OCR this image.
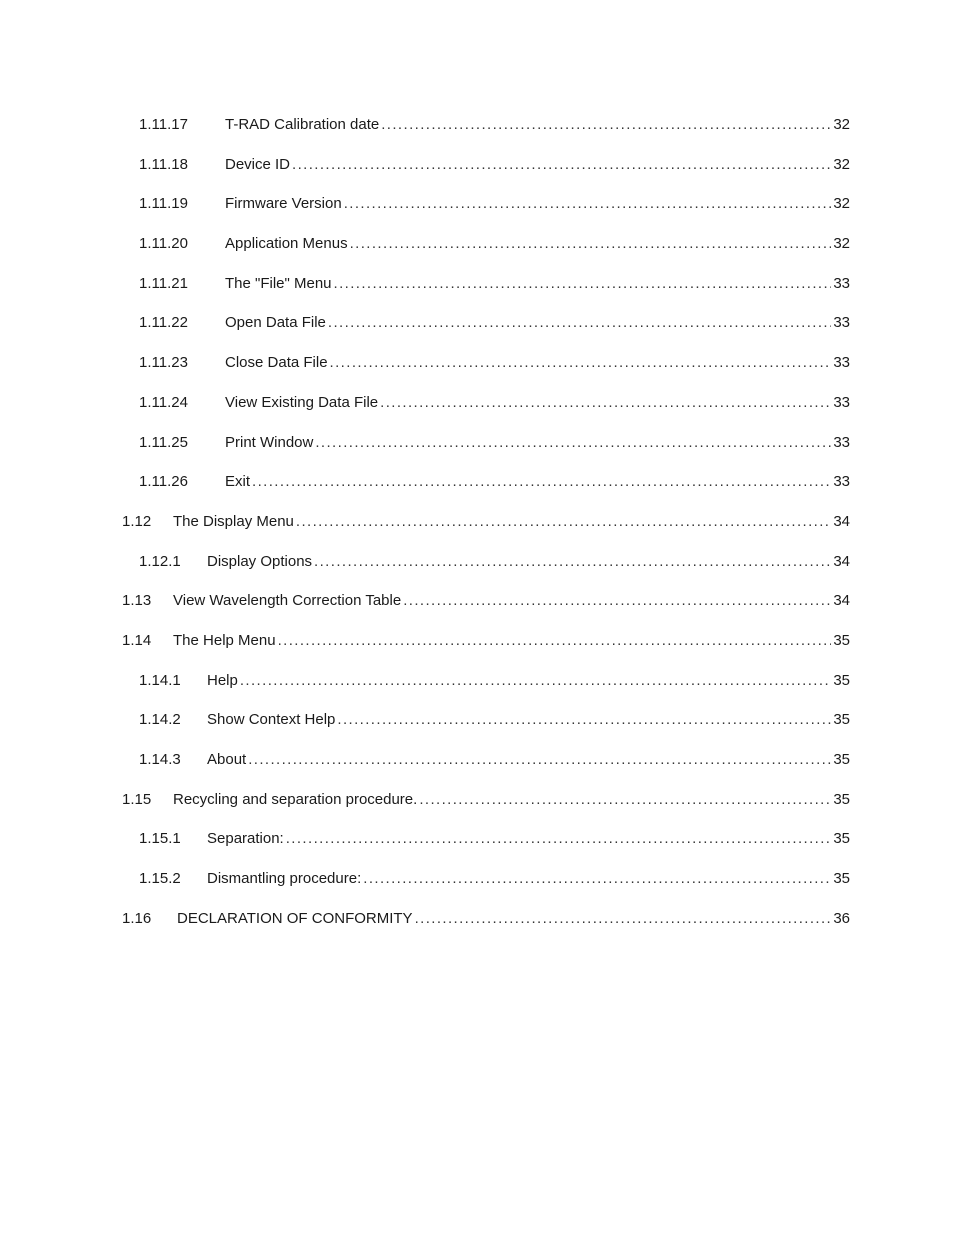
1.11.17 T-RAD Calibration date .....	32
1.11.18 Device ID .....	32
1.11.19 Firmware Version .....	32
1.11.20 Application Menus .....	32
1.11.21 The "File" Menu .....	33
1.11.22 Open Data File .....	33
1.11.23 Close Data File .....	33
1.11.24 View Existing Data File .....	33
1.11.25 Print Window .....	33
1.11.26 Exit .....	33
1.12 The Display Menu .....	34
1.12.1 Display Options .....	34
1.13 View Wavelength Correction Table .....	34
1.14 The Help Menu .....	35
1.14.1 Help .....	35
1.14.2 Show Context Help .....	35
1.14.3 About .....	35
1.15 Recycling and separation procedure. .....	35
1.15.1 Separation: .....	35
1.15.2 Dismantling procedure: .....	35
1.16 DECLARATION OF CONFORMITY .....	36
